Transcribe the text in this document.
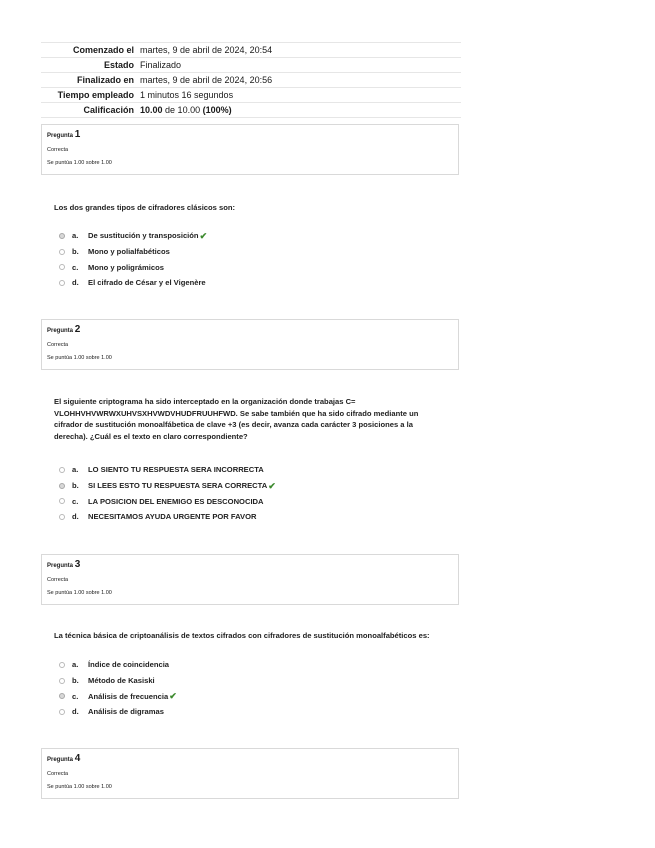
Comenzado el	martes, 9 de abril de 2024, 20:54
Estado	Finalizado
Finalizado en	martes, 9 de abril de 2024, 20:56
Tiempo empleado	1 minutos 16 segundos
Calificación	10.00 de 10.00 (100%)
Pregunta 1
Correcta
Se puntúa 1.00 sobre 1.00
Los dos grandes tipos de cifradores clásicos son:
a.	De sustitución y transposición ✔
b.	Mono y polialfabéticos
c.	Mono y poligrámicos
d.	El cifrado de César y el Vigenère
Pregunta 2
Correcta
Se puntúa 1.00 sobre 1.00
El siguiente criptograma ha sido interceptado en la organización donde trabajas C= VLOHHVHVWRWXUHVSXHVWDVHUDFRUUHFWD. Se sabe también que ha sido cifrado mediante un cifrador de sustitución monoalfábetica de clave +3 (es decir, avanza cada carácter 3 posiciones a la derecha). ¿Cuál es el texto en claro correspondiente?
a.	LO SIENTO TU RESPUESTA SERA INCORRECTA
b.	SI LEES ESTO TU RESPUESTA SERA CORRECTA ✔
c.	LA POSICION DEL ENEMIGO ES DESCONOCIDA
d.	NECESITAMOS AYUDA URGENTE POR FAVOR
Pregunta 3
Correcta
Se puntúa 1.00 sobre 1.00
La técnica básica de criptoanálisis de textos cifrados con cifradores de sustitución monoalfabéticos es:
a.	Índice de coincidencia
b.	Método de Kasiski
c.	Análisis de frecuencia ✔
d.	Análisis de digramas
Pregunta 4
Correcta
Se puntúa 1.00 sobre 1.00
